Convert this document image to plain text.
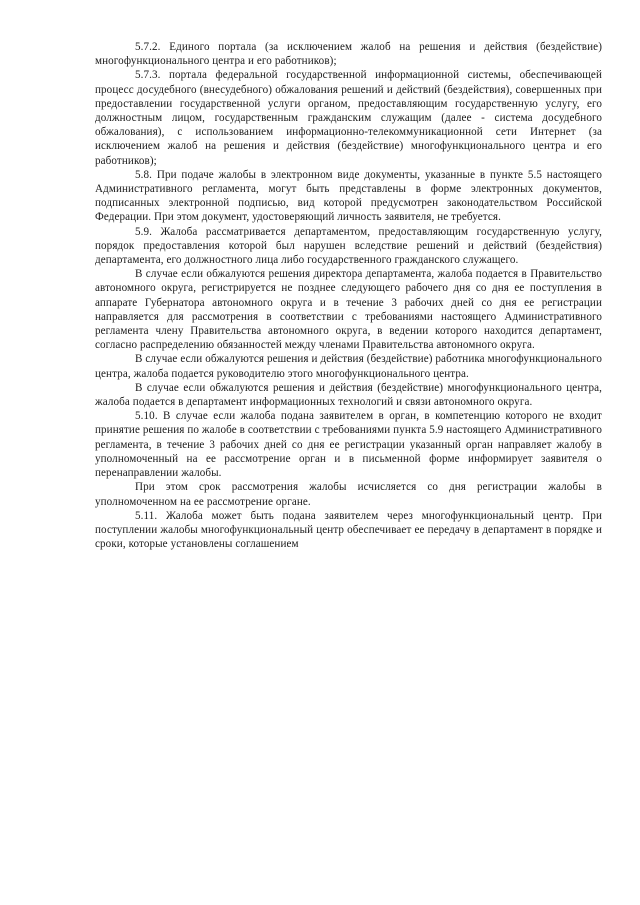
5.7.2. Единого портала (за исключением жалоб на решения и действия (бездействие) многофункционального центра и его работников);

5.7.3. портала федеральной государственной информационной системы, обеспечивающей процесс досудебного (внесудебного) обжалования решений и действий (бездействия), совершенных при предоставлении государственной услуги органом, предоставляющим государственную услугу, его должностным лицом, государственным гражданским служащим (далее - система досудебного обжалования), с использованием информационно-телекоммуникационной сети Интернет (за исключением жалоб на решения и действия (бездействие) многофункционального центра и его работников);

5.8. При подаче жалобы в электронном виде документы, указанные в пункте 5.5 настоящего Административного регламента, могут быть представлены в форме электронных документов, подписанных электронной подписью, вид которой предусмотрен законодательством Российской Федерации. При этом документ, удостоверяющий личность заявителя, не требуется.

5.9. Жалоба рассматривается департаментом, предоставляющим государственную услугу, порядок предоставления которой был нарушен вследствие решений и действий (бездействия) департамента, его должностного лица либо государственного гражданского служащего.

В случае если обжалуются решения директора департамента, жалоба подается в Правительство автономного округа, регистрируется не позднее следующего рабочего дня со дня ее поступления в аппарате Губернатора автономного округа и в течение 3 рабочих дней со дня ее регистрации направляется для рассмотрения в соответствии с требованиями настоящего Административного регламента члену Правительства автономного округа, в ведении которого находится департамент, согласно распределению обязанностей между членами Правительства автономного округа.

В случае если обжалуются решения и действия (бездействие) работника многофункционального центра, жалоба подается руководителю этого многофункционального центра.

В случае если обжалуются решения и действия (бездействие) многофункционального центра, жалоба подается в департамент информационных технологий и связи автономного округа.

5.10. В случае если жалоба подана заявителем в орган, в компетенцию которого не входит принятие решения по жалобе в соответствии с требованиями пункта 5.9 настоящего Административного регламента, в течение 3 рабочих дней со дня ее регистрации указанный орган направляет жалобу в уполномоченный на ее рассмотрение орган и в письменной форме информирует заявителя о перенаправлении жалобы.

При этом срок рассмотрения жалобы исчисляется со дня регистрации жалобы в уполномоченном на ее рассмотрение органе.

5.11. Жалоба может быть подана заявителем через многофункциональный центр. При поступлении жалобы многофункциональный центр обеспечивает ее передачу в департамент в порядке и сроки, которые установлены соглашением
